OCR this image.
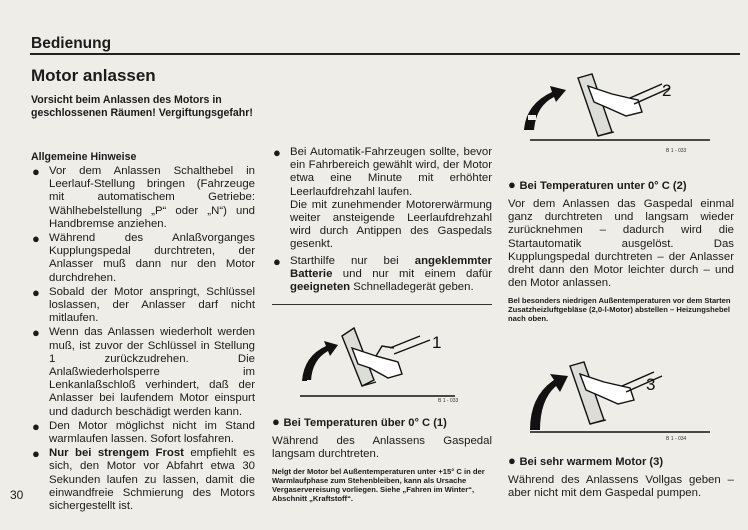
Bedienung
Motor anlassen
Vorsicht beim Anlassen des Motors in geschlossenen Räumen! Vergiftungsgefahr!
Allgemeine Hinweise
● Vor dem Anlassen Schalthebel in Leerlauf-Stellung bringen (Fahrzeuge mit automatischem Getriebe: Wählhebelstellung „P“ oder „N“) und Handbremse anziehen.
● Während des Anlaßvorganges Kupplungspedal durchtreten, der Anlasser muß dann nur den Motor durchdrehen.
● Sobald der Motor anspringt, Schlüssel loslassen, der Anlasser darf nicht mitlaufen.
● Wenn das Anlassen wiederholt werden muß, ist zuvor der Schlüssel in Stellung 1 zurückzudrehen. Die Anlaßwiederholsperre im Lenkanlaßschloß verhindert, daß der Anlasser bei laufendem Motor einspurt und dadurch beschädigt werden kann.
● Den Motor möglichst nicht im Stand warmlaufen lassen. Sofort losfahren.
● Nur bei strengem Frost empfiehlt es sich, den Motor vor Abfahrt etwa 30 Sekunden laufen zu lassen, damit die einwandfreie Schmierung des Motors sichergestellt ist.
30
● Bei Automatik-Fahrzeugen sollte, bevor ein Fahrbereich gewählt wird, der Motor etwa eine Minute mit erhöhter Leerlaufdrehzahl laufen.
Die mit zunehmender Motorerwärmung weiter ansteigende Leerlaufdrehzahl wird durch Antippen des Gaspedals gesenkt.
● Starthilfe nur bei angeklemmter Batterie und nur mit einem dafür geeigneten Schnelladegerät geben.
1
B 1 - 033
● Bei Temperaturen über 0° C (1)
Während des Anlassens Gaspedal langsam durchtreten.
Nelgt der Motor bel Außentemperaturen unter +15° C in der Warmlaufphase zum Stehenbleiben, kann als Ursache Vergaservereisung vorliegen. Siehe „Fahren im Winter“, Abschnitt „Kraftstoff“.
2
B 1 - 033
● Bei Temperaturen unter 0° C (2)
Vor dem Anlassen das Gaspedal einmal ganz durchtreten und langsam wieder zurücknehmen – dadurch wird die Startautomatik ausgelöst. Das Kupplungspedal durchtreten – der Anlasser dreht dann den Motor leichter durch – und den Motor anlassen.
Bel besonders niedrigen Außentemperaturen vor dem Starten Zusatzheizluftgebläse (2,0-l-Motor) abstellen – Heizungshebel nach oben.
3
B 1 - 034
● Bei sehr warmem Motor (3)
Während des Anlassens Vollgas geben – aber nicht mit dem Gaspedal pumpen.
